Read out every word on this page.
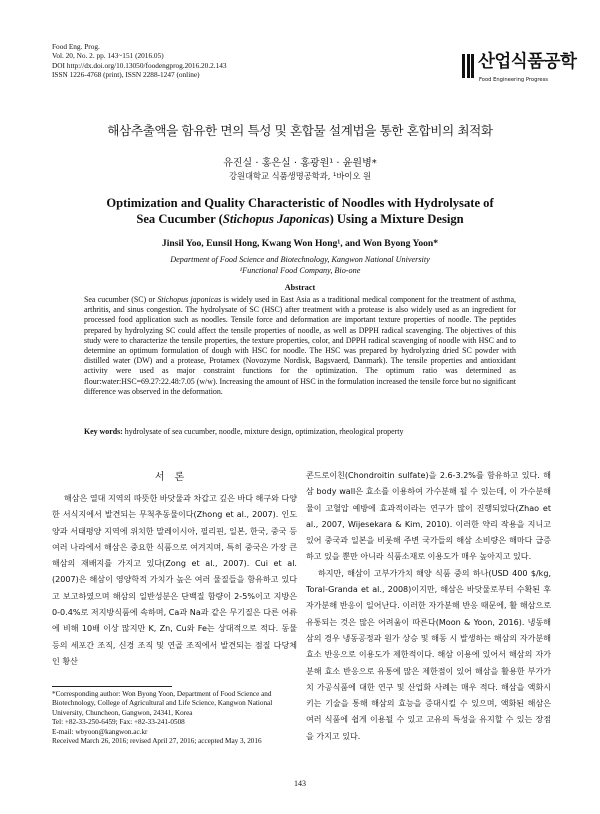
Food Eng. Prog.
Vol. 20, No. 2. pp. 143~151 (2016.05)
DOI http://dx.doi.org/10.13050/foodengprog.2016.20.2.143
ISSN 1226-4768 (print), ISSN 2288-1247 (online)
산업식품공학
Food Engineering Progress
해삼추출액을 함유한 면의 특성 및 혼합물 설계법을 통한 혼합비의 최적화
유진실 · 홍은실 · 홍광원¹ · 윤원병*
강원대학교 식품생명공학과, ¹바이오 원
Optimization and Quality Characteristic of Noodles with Hydrolysate of
Sea Cucumber (Stichopus Japonicas) Using a Mixture Design
Jinsil Yoo, Eunsil Hong, Kwang Won Hong¹, and Won Byong Yoon*
Department of Food Science and Biotechnology, Kangwon National University
¹Functional Food Company, Bio-one
Abstract
Sea cucumber (SC) or Stichopus japonicas is widely used in East Asia as a traditional medical component for the treatment of asthma, arthritis, and sinus congestion. The hydrolysate of SC (HSC) after treatment with a protease is also widely used as an ingredient for processed food application such as noodles. Tensile force and deformation are important texture properties of noodle. The peptides prepared by hydrolyzing SC could affect the tensile properties of noodle, as well as DPPH radical scavenging. The objectives of this study were to characterize the tensile properties, the texture properties, color, and DPPH radical scavenging of noodle with HSC and to determine an optimum formulation of dough with HSC for noodle. The HSC was prepared by hydrolyzing dried SC powder with distilled water (DW) and a protease, Protamex (Novozyme Nordisk, Bagsvaerd, Danmark). The tensile properties and antioxidant activity were used as major constraint functions for the optimization. The optimum ratio was determined as flour:water:HSC=69.27:22.48:7.05 (w/w). Increasing the amount of HSC in the formulation increased the tensile force but no significant difference was observed in the deformation.
Key words: hydrolysate of sea cucumber, noodle, mixture design, optimization, rheological property
서론

해삼은 열대 지역의 따뜻한 바닷물과 차갑고 깊은 바다 해구와 다양한 서식지에서 발견되는 무척추동물이다(Zhong et al., 2007). 인도양과 서태평양 지역에 위치한 말레이시아, 필리핀, 일본, 한국, 중국 등 여러 나라에서 해삼은 중요한 식품으로 여겨지며, 특히 중국은 가장 큰 해삼의 재배지를 가지고 있다(Zong et al., 2007). Cui et al. (2007)은 해삼이 영양학적 가치가 높은 여러 물질들을 함유하고 있다고 보고하였으며 해삼의 일반성분은 단백질 함량이 2-5%이고 지방은 0-0.4%로 저지방식품에 속하며, Ca과 Na과 같은 무기질은 다른 어류에 비해 10배 이상 많지만 K, Zn, Cu와 Fe는 상대적으로 적다. 동물 등의 세포간 조직, 신경 조직 및 연골 조직에서 발견되는 점질 다당체인 황산

콘드로이친(Chondroitin sulfate)을 2.6-3.2%를 함유하고 있다. 해삼 body wall은 효소를 이용하여 가수분해 될 수 있는데, 이 가수분해물이 고혈압 예방에 효과적이라는 연구가 많이 진행되었다(Zhao et al., 2007, Wijesekara & Kim, 2010). 이러한 약리 작용을 지니고 있어 중국과 일본을 비롯해 주변 국가들의 해삼 소비량은 해마다 급증하고 있을 뿐만 아니라 식품소재로 이용도가 매우 높아지고 있다.

하지만, 해삼이 고부가가치 해양 식품 중의 하나(USD 400 $/kg, Toral-Granda et al., 2008)이지만, 해삼은 바닷물로부터 수확된 후 자가분해 반응이 일어난다. 이러한 자가분해 반응 때문에, 활 해삼으로 유통되는 것은 많은 어려움이 따른다(Moon & Yoon, 2016). 냉동해삼의 경우 냉동공정과 원가 상승 및 해동 시 발생하는 해삼의 자가분해 효소 반응으로 이용도가 제한적이다. 해삼 이용에 있어서 해삼의 자가분해 효소 반응으로 유통에 많은 제한점이 있어 해삼을 활용한 부가가치 가공식품에 대한 연구 및 산업화 사례는 매우 적다. 해삼을 액화시키는 기술을 통해 해삼의 효능을 증대시킬 수 있으며, 액화된 해삼은 여러 식품에 쉽게 이용될 수 있고 고유의 특성을 유지할 수 있는 장점을 가지고 있다.

*Corresponding author: Won Byong Yoon, Department of Food Science and Biotechnology, College of Agricultural and Life Science, Kangwon National University, Chuncheon, Gangwon, 24341, Korea
Tel: +82-33-250-6459; Fax: +82-33-241-0508
E-mail: wbyoon@kangwon.ac.kr
Received March 26, 2016; revised April 27, 2016; accepted May 3, 2016
143
